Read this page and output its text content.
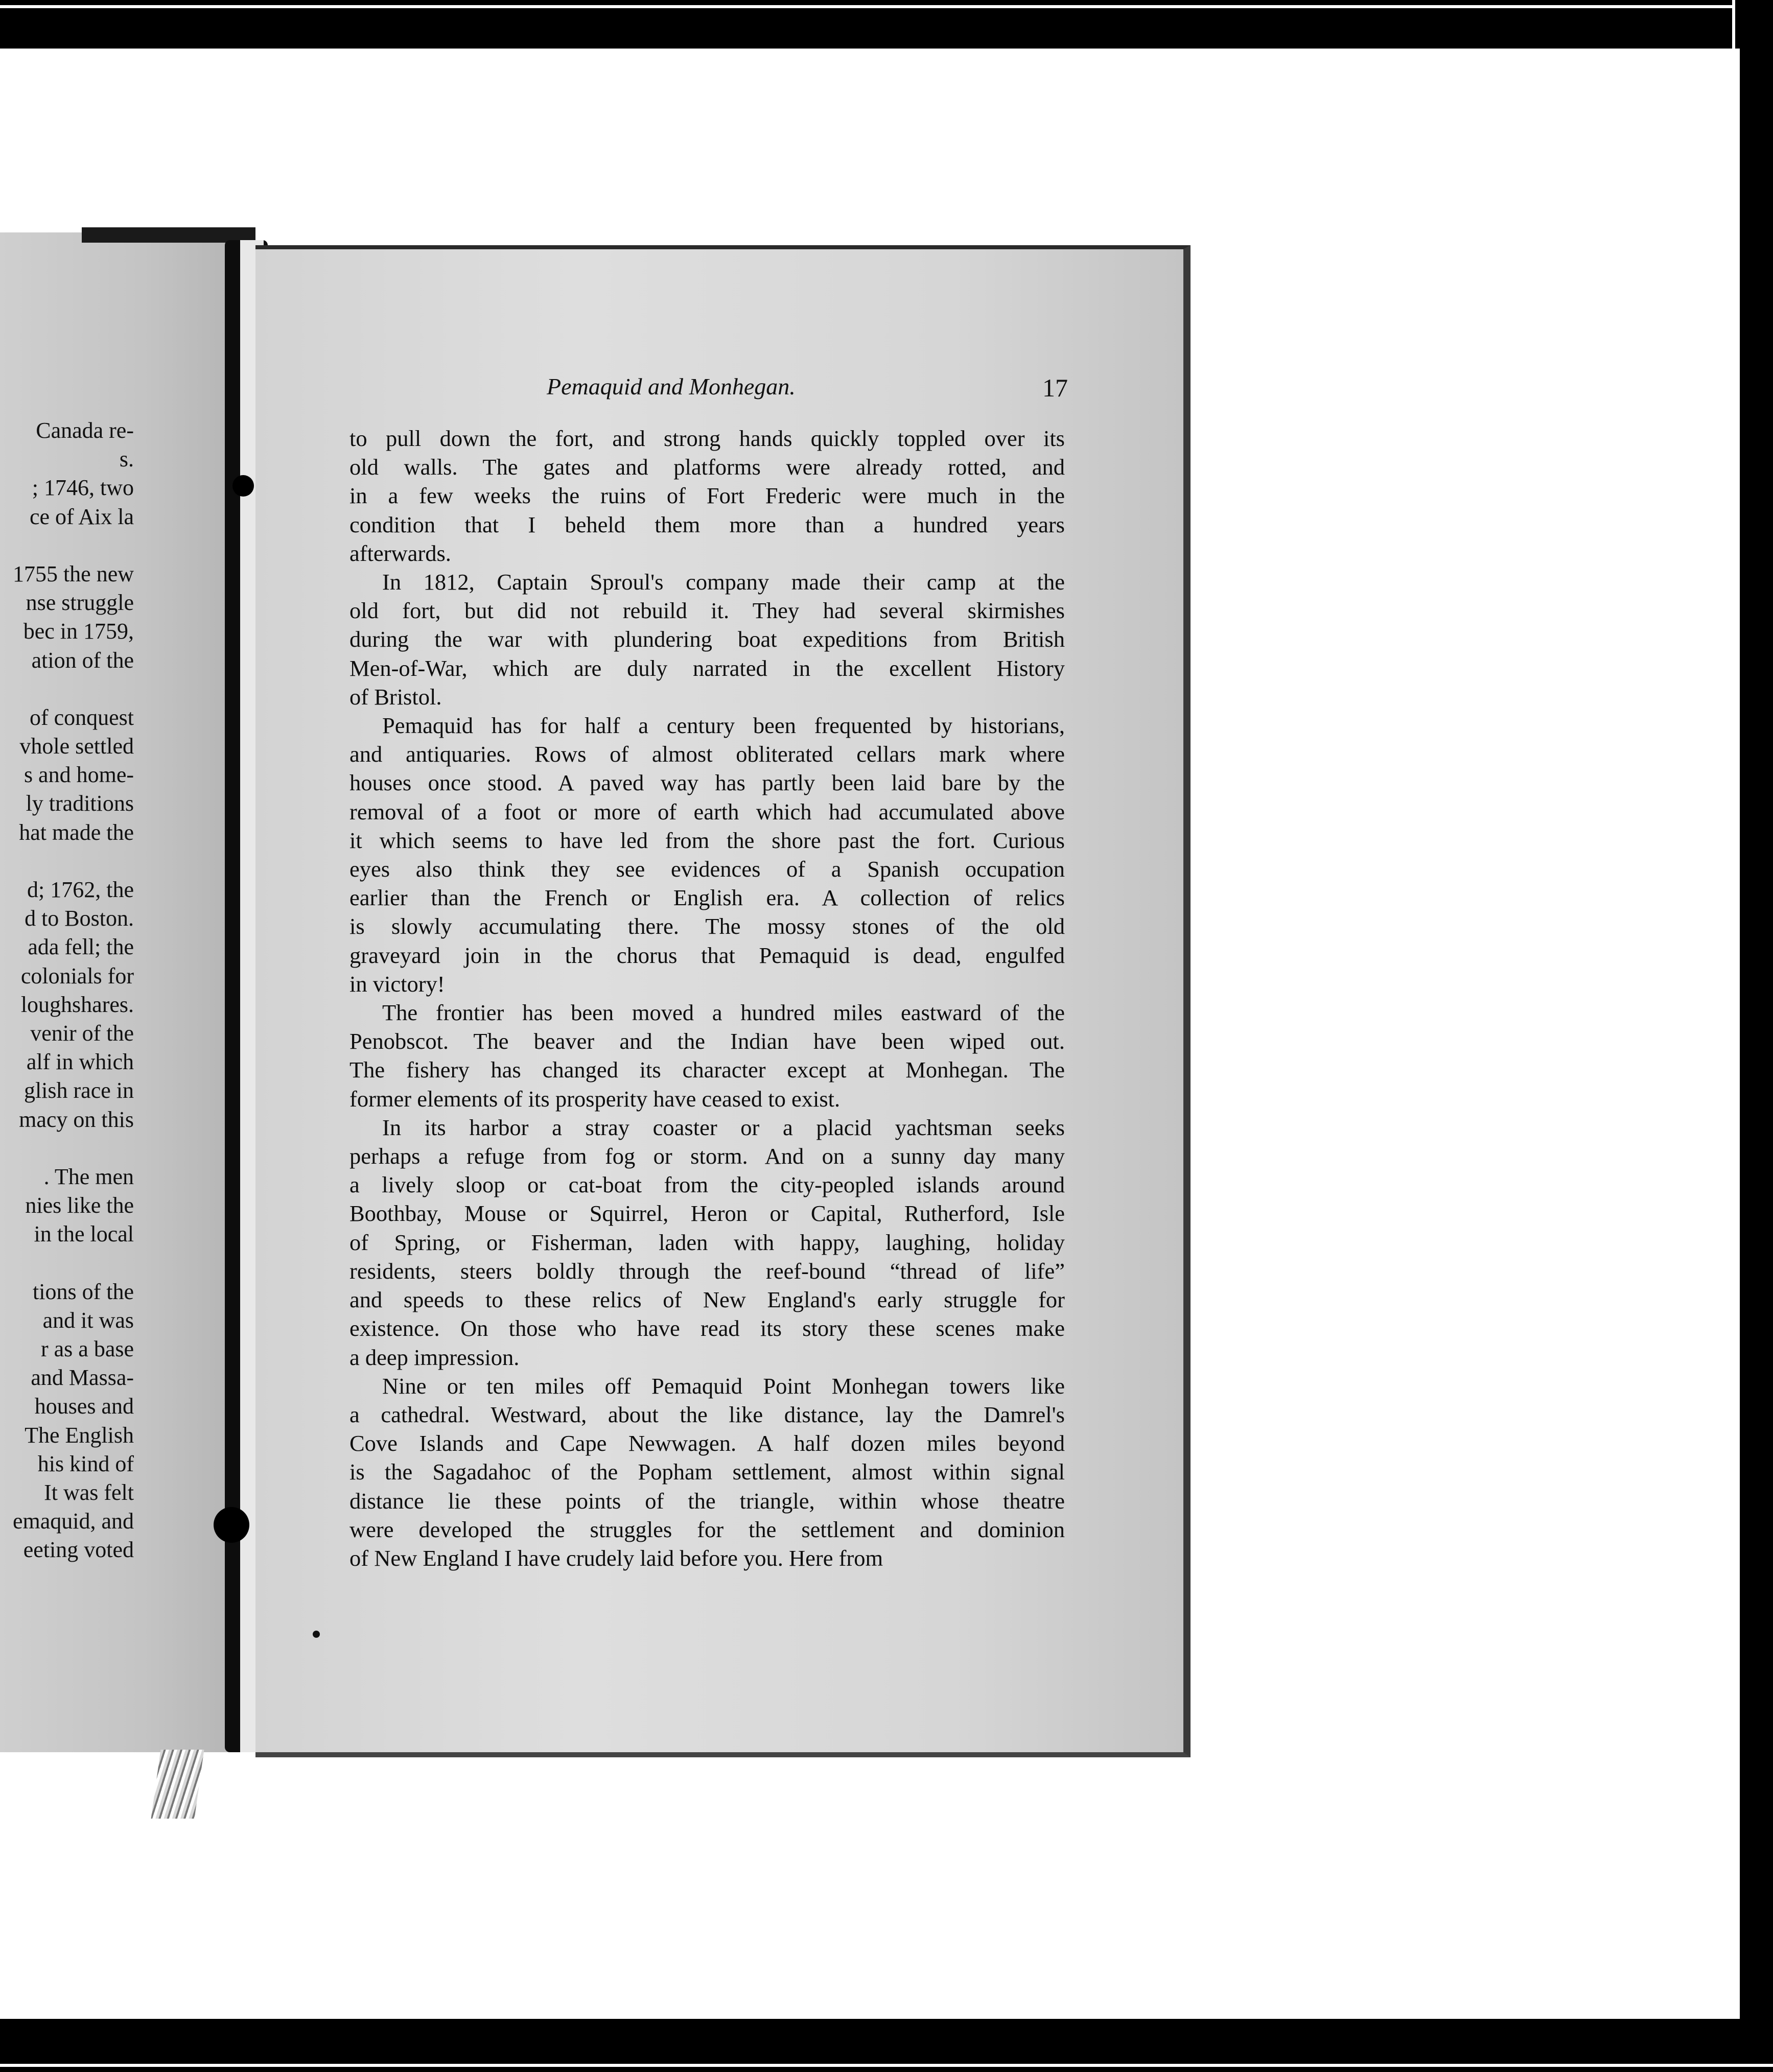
Canada re-
s.
; 1746, two
ce of Aix la
1755 the new
nse struggle
bec in 1759,
ation of the
of conquest
vhole settled
s and home-
ly traditions
hat made the
d; 1762, the
d to Boston.
ada fell; the
colonials for
loughshares.
venir of the
alf in which
glish race in
macy on this
. The men
nies like the
in the local
tions of the
and it was
r as a base
and Massa-
houses and
The English
his kind of
It was felt
emaquid, and
eeting voted
Pemaquid and Monhegan.	17

to pull down the fort, and strong hands quickly toppled over its

old walls. The gates and platforms were already rotted, and

in a few weeks the ruins of Fort Frederic were much in the

condition that I beheld them more than a hundred years

afterwards.

In 1812, Captain Sproul's company made their camp at the

old fort, but did not rebuild it. They had several skirmishes

during the war with plundering boat expeditions from British

Men-of-War, which are duly narrated in the excellent History

of Bristol.

Pemaquid has for half a century been frequented by historians,

and antiquaries. Rows of almost obliterated cellars mark where

houses once stood. A paved way has partly been laid bare by the

removal of a foot or more of earth which had accumulated above

it which seems to have led from the shore past the fort. Curious

eyes also think they see evidences of a Spanish occupation

earlier than the French or English era. A collection of relics

is slowly accumulating there. The mossy stones of the old

graveyard join in the chorus that Pemaquid is dead, engulfed

in victory!

The frontier has been moved a hundred miles eastward of the

Penobscot. The beaver and the Indian have been wiped out.

The fishery has changed its character except at Monhegan. The

former elements of its prosperity have ceased to exist.

In its harbor a stray coaster or a placid yachtsman seeks

perhaps a refuge from fog or storm. And on a sunny day many

a lively sloop or cat-boat from the city-peopled islands around

Boothbay, Mouse or Squirrel, Heron or Capital, Rutherford, Isle

of Spring, or Fisherman, laden with happy, laughing, holiday

residents, steers boldly through the reef-bound “thread of life”

and speeds to these relics of New England's early struggle for

existence. On those who have read its story these scenes make

a deep impression.

Nine or ten miles off Pemaquid Point Monhegan towers like

a cathedral. Westward, about the like distance, lay the Damrel's

Cove Islands and Cape Newwagen. A half dozen miles beyond

is the Sagadahoc of the Popham settlement, almost within signal

distance lie these points of the triangle, within whose theatre

were developed the struggles for the settlement and dominion

of New England I have crudely laid before you. Here from
